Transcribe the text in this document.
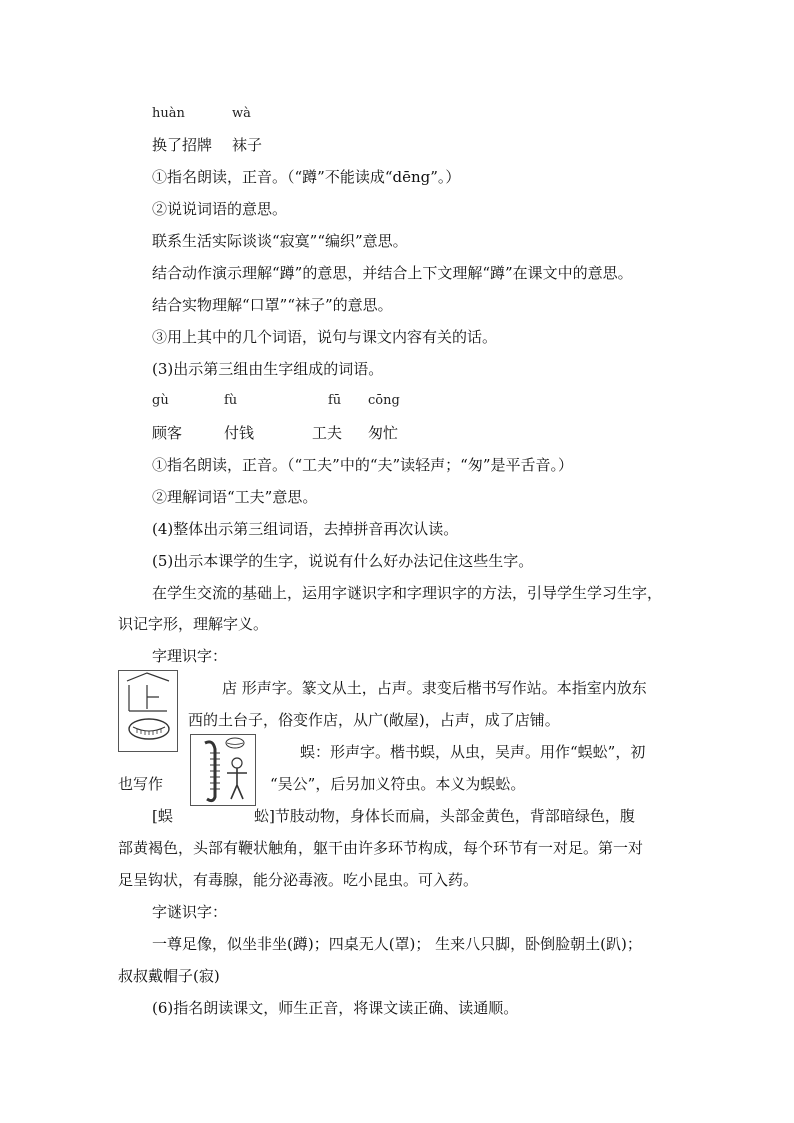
huàn	wà
换了招牌 袜子
①指名朗读，正音。（“蹲”不能读成“dēng”。）
②说说词语的意思。
联系生活实际谈谈“寂寞”“编织”意思。
结合动作演示理解“蹲”的意思，并结合上下文理解“蹲”在课文中的意思。
结合实物理解“口罩”“袜子”的意思。
③用上其中的几个词语，说句与课文内容有关的话。
(3)出示第三组由生字组成的词语。
gù	fù	fū cōng
顾客	付钱	工夫 匆忙
①指名朗读，正音。（“工夫”中的“夫”读轻声；“匆”是平舌音。）
②理解词语“工夫”意思。
(4)整体出示第三组词语，去掉拼音再次认读。
(5)出示本课学的生字，说说有什么好办法记住这些生字。
在学生交流的基础上，运用字谜识字和字理识字的方法，引导学生学习生字，
识记字形，理解字义。
字理识字：
店 形声字。篆文从土，占声。隶变后楷书写作站。本指室内放东
西的土台子，俗变作店，从广(敞屋)，占声，成了店铺。
蜈：形声字。楷书蜈，从虫，吴声。用作“蜈蚣”，初
也写作	“吴公”，后另加义符虫。本义为蜈蚣。
[蜈	蚣]节肢动物，身体长而扁，头部金黄色，背部暗绿色，腹
部黄褐色，头部有鞭状触角，躯干由许多环节构成，每个环节有一对足。第一对
足呈钩状，有毒腺，能分泌毒液。吃小昆虫。可入药。
字谜识字：
一尊足像，似坐非坐(蹲)；四桌无人(罩)； 生来八只脚，卧倒脸朝土(趴)；
叔叔戴帽子(寂)
(6)指名朗读课文，师生正音，将课文读正确、读通顺。
